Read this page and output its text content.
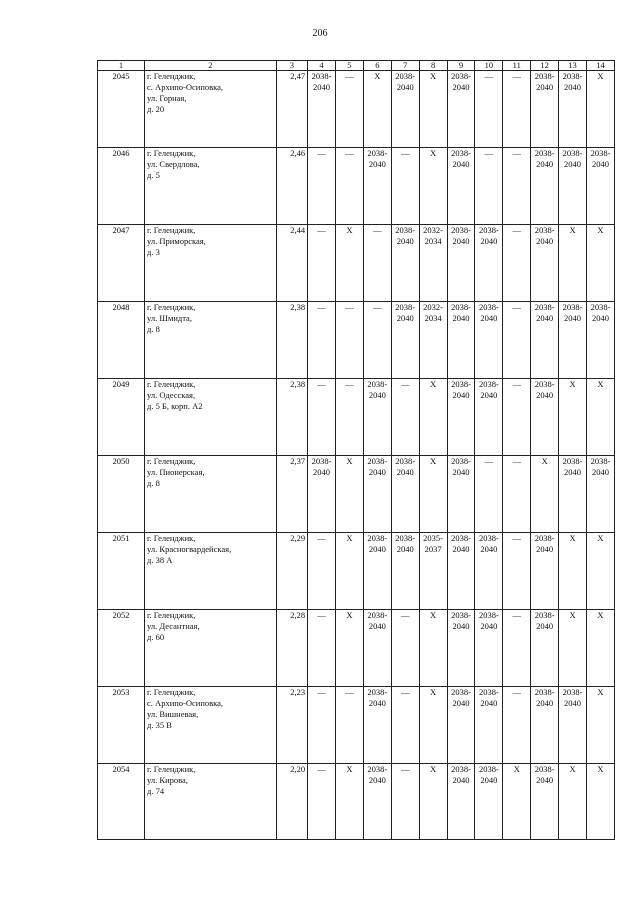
206
1	2	3	4	5	6	7	8	9	10	11	12	13	14
2045	г. Геленджик,
с. Архипо-Осиповка,
ул. Горная,
д. 20	2,47	2038-
2040	—	X	2038-
2040	X	2038-
2040	—	—	2038-
2040	2038-
2040	X
2046	г. Геленджик,
ул. Свердлова,
д. 5	2,46	—	—	2038-
2040	—	X	2038-
2040	—	—	2038-
2040	2038-
2040	2038-
2040
2047	г. Геленджик,
ул. Приморская,
д. 3	2,44	—	X	—	2038-
2040	2032-
2034	2038-
2040	2038-
2040	—	2038-
2040	X	X
2048	г. Геленджик,
ул. Шмидта,
д. 8	2,38	—	—	—	2038-
2040	2032-
2034	2038-
2040	2038-
2040	—	2038-
2040	2038-
2040	2038-
2040
2049	г. Геленджик,
ул. Одесская,
д. 5 Б, корп. А2	2,38	—	—	2038-
2040	—	X	2038-
2040	2038-
2040	—	2038-
2040	X	X
2050	г. Геленджик,
ул. Пионерская,
д. 8	2,37	2038-
2040	X	2038-
2040	2038-
2040	X	2038-
2040	—	—	X	2038-
2040	2038-
2040
2051	г. Геленджик,
ул. Красногвардейская,
д. 38 А	2,29	—	X	2038-
2040	2038-
2040	2035-
2037	2038-
2040	2038-
2040	—	2038-
2040	X	X
2052	г. Геленджик,
ул. Десантная,
д. 60	2,28	—	X	2038-
2040	—	X	2038-
2040	2038-
2040	—	2038-
2040	X	X
2053	г. Геленджик,
с. Архипо-Осиповка,
ул. Вишневая,
д. 35 В	2,23	—	—	2038-
2040	—	X	2038-
2040	2038-
2040	—	2038-
2040	2038-
2040	X
2054	г. Геленджик,
ул. Кирова,
д. 74	2,20	—	X	2038-
2040	—	X	2038-
2040	2038-
2040	X	2038-
2040	X	X
